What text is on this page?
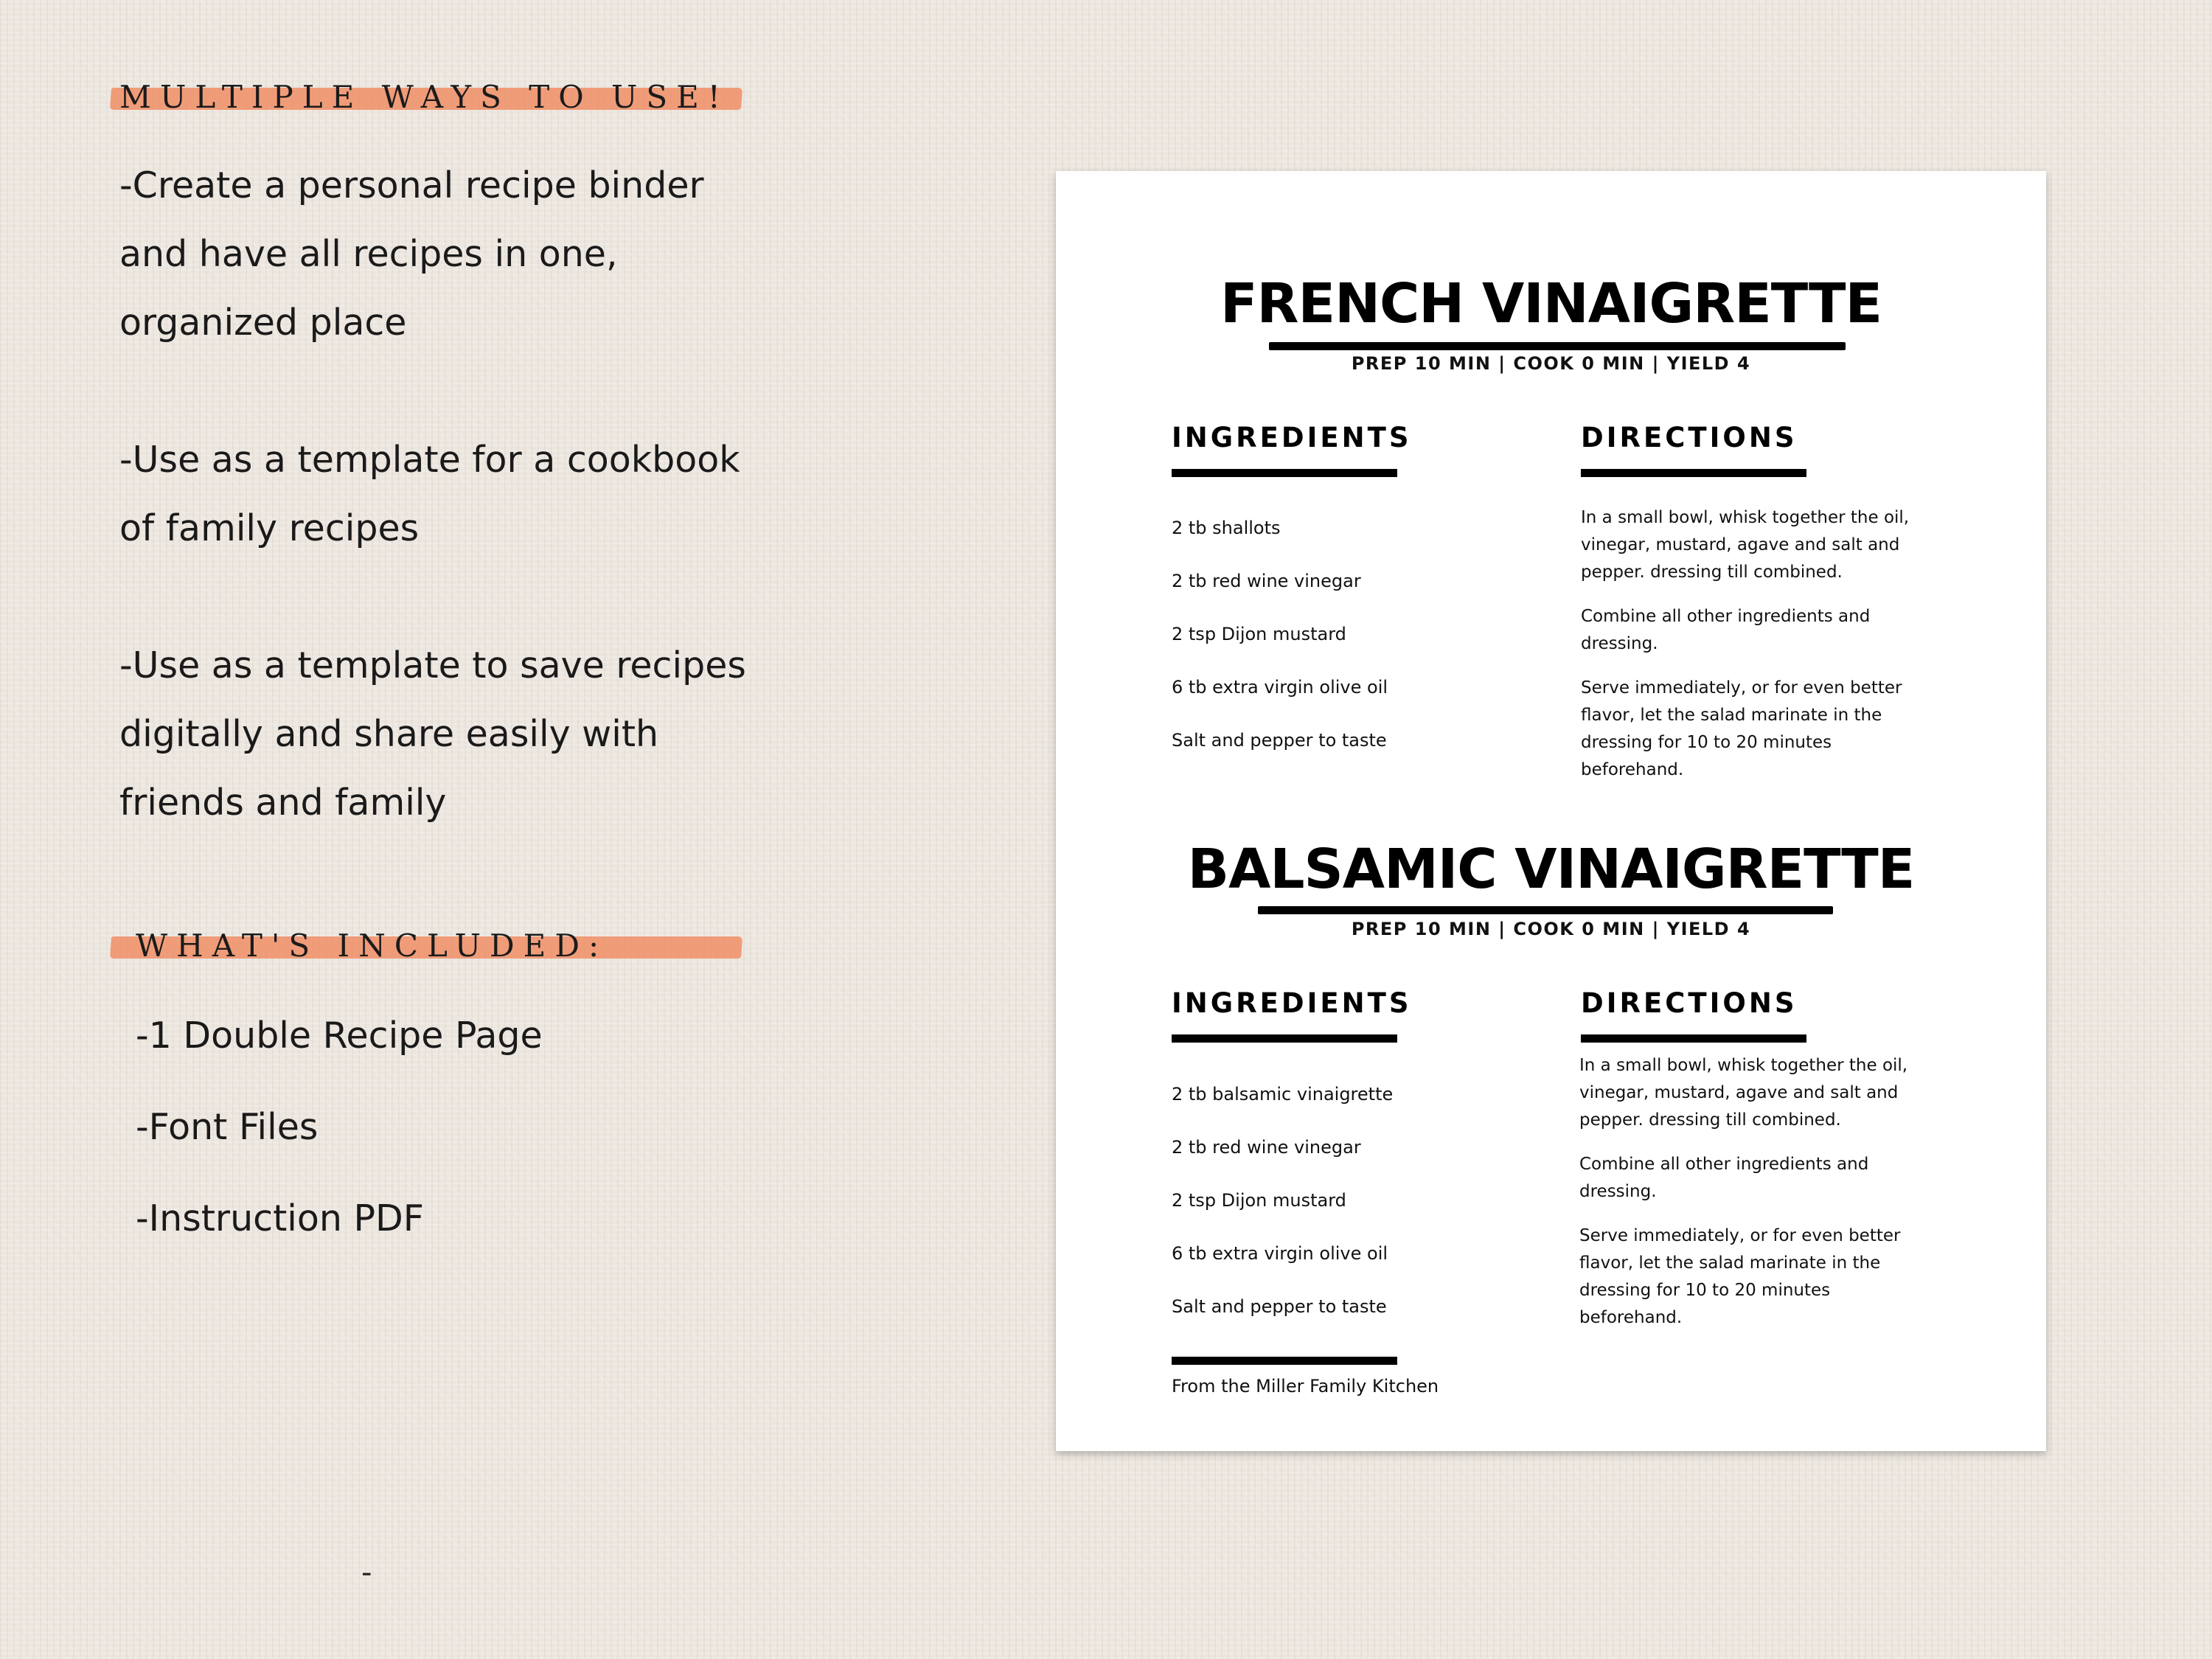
MULTIPLE WAYS TO USE!
-Create a personal recipe binder
and have all recipes in one,
organized place
-Use as a template for a cookbook
of family recipes
-Use as a template to save recipes
digitally and share easily with
friends and family
WHAT'S INCLUDED:
-1 Double Recipe Page
-Font Files
-Instruction PDF
-
FRENCH VINAIGRETTE
PREP 10 MIN | COOK 0 MIN | YIELD 4
INGREDIENTS	DIRECTIONS
2 tb shallots
2 tb red wine vinegar
2 tsp Dijon mustard
6 tb extra virgin olive oil
Salt and pepper to taste
In a small bowl, whisk together the oil,
vinegar, mustard, agave and salt and
pepper. dressing till combined.
Combine all other ingredients and
dressing.
Serve immediately, or for even better
flavor, let the salad marinate in the
dressing for 10 to 20 minutes
beforehand.
BALSAMIC VINAIGRETTE
PREP 10 MIN | COOK 0 MIN | YIELD 4
INGREDIENTS	DIRECTIONS
2 tb balsamic vinaigrette
2 tb red wine vinegar
2 tsp Dijon mustard
6 tb extra virgin olive oil
Salt and pepper to taste
In a small bowl, whisk together the oil,
vinegar, mustard, agave and salt and
pepper. dressing till combined.
Combine all other ingredients and
dressing.
Serve immediately, or for even better
flavor, let the salad marinate in the
dressing for 10 to 20 minutes
beforehand.
From the Miller Family Kitchen
